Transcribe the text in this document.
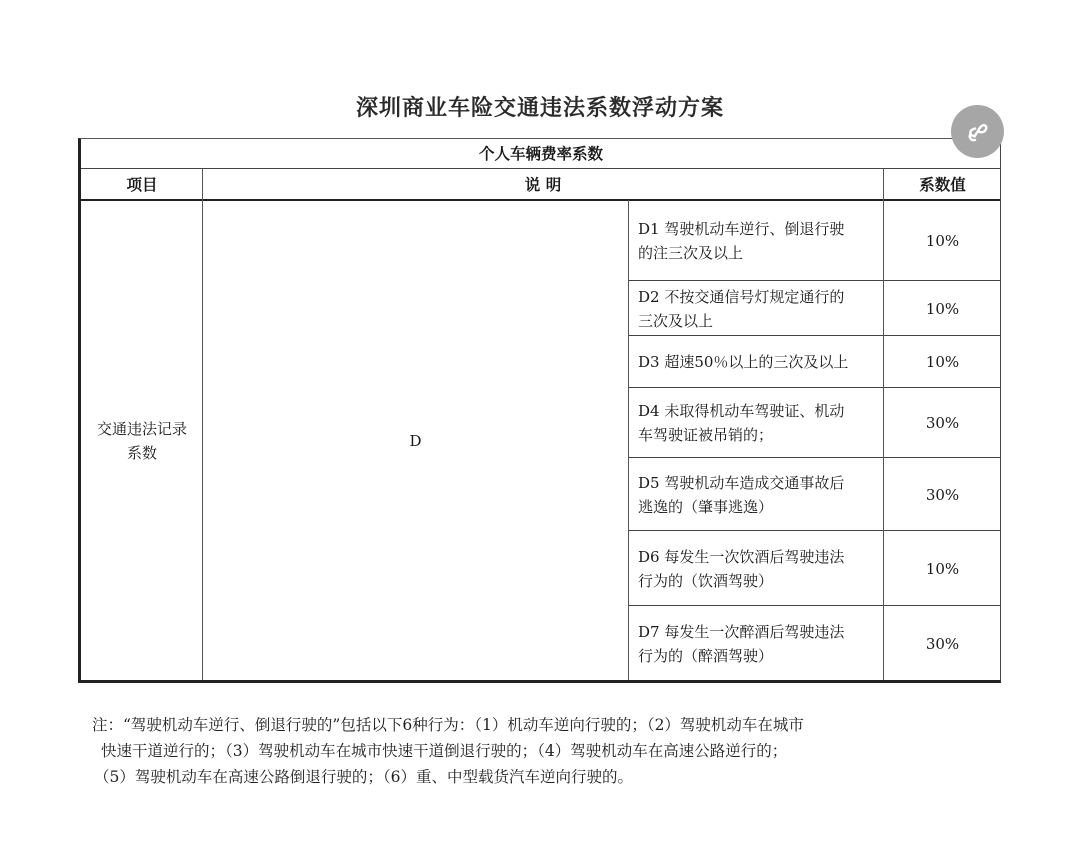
深圳商业车险交通违法系数浮动方案
个人车辆费率系数
项目	说 明	系数值
交通违法记录
系数
D
D1 驾驶机动车逆行、倒退行驶
的注三次及以上
10%
D2 不按交通信号灯规定通行的
三次及以上
10%
D3 超速50％以上的三次及以上	10%
D4 未取得机动车驾驶证、机动
车驾驶证被吊销的；
30%
D5 驾驶机动车造成交通事故后
逃逸的（肇事逃逸）
30%
D6 每发生一次饮酒后驾驶违法
行为的（饮酒驾驶）
10%
D7 每发生一次醉酒后驾驶违法
行为的（醉酒驾驶）
30%
注：“驾驶机动车逆行、倒退行驶的”包括以下6种行为：（1）机动车逆向行驶的；（2）驾驶机动车在城市
快速干道逆行的；（3）驾驶机动车在城市快速干道倒退行驶的；（4）驾驶机动车在高速公路逆行的；
（5）驾驶机动车在高速公路倒退行驶的；（6）重、中型载货汽车逆向行驶的。
